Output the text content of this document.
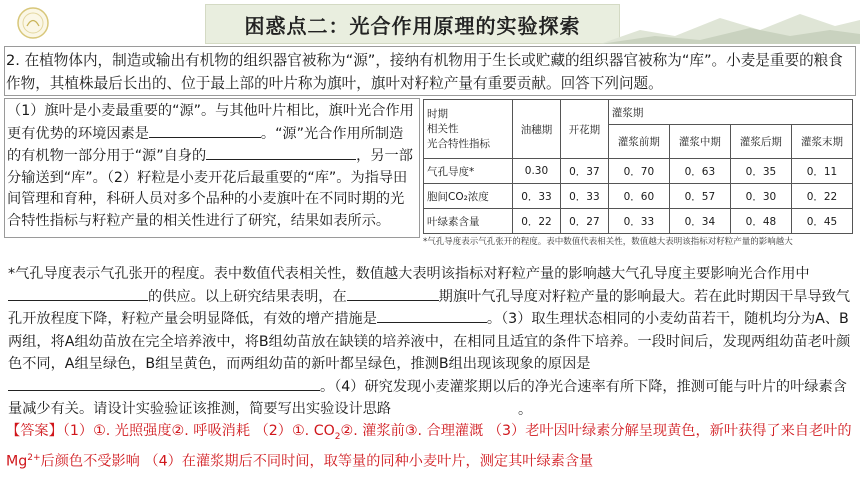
困惑点二：光合作用原理的实验探索
2. 在植物体内，制造或输出有机物的组织器官被称为“源”，接纳有机物用于生长或贮藏的组织器官被称为“库”。小麦是重要的粮食作物，其植株最后长出的、位于最上部的叶片称为旗叶，旗叶对籽粒产量有重要贡献。回答下列问题。
（1）旗叶是小麦最重要的“源”。与其他叶片相比，旗叶光合作用更有优势的环境因素是	。“源”光合作用所制造的有机物一部分用于“源”自身的	，另一部分输送到“库”。（2）籽粒是小麦开花后最重要的“库”。为指导田间管理和育种，科研人员对多个品种的小麦旗叶在不同时期的光合特性指标与籽粒产量的相关性进行了研究，结果如表所示。
时期
相关性
光合特性指标	油穗期	开花期	灌浆期			
			灌浆前期	灌浆中期	灌浆后期	灌浆末期
气孔导度*	0.30	0．37	0．70	0．63	0．35	0．11
胞间CO₂浓度	0．33	0．33	0．60	0．57	0．30	0．22
叶绿素含量	0．22	0．27	0．33	0．34	0．48	0．45
*气孔导度表示气孔张开的程度。表中数值代表相关性，数值越大表明该指标对籽粒产量的影响越大
*气孔导度表示气孔张开的程度。表中数值代表相关性，数值越大表明该指标对籽粒产量的影响越大气孔导度主要影响光合作用中的供应。以上研究结果表明，在	期旗叶气孔导度对籽粒产量的影响最大。若在此时期因干旱导致气孔开放程度下降，籽粒产量会明显降低，有效的增产措施是	。（3）取生理状态相同的小麦幼苗若干，随机均分为A、B两组，将A组幼苗放在完全培养液中，将B组幼苗放在缺镁的培养液中，在相同且适宜的条件下培养。一段时间后，发现两组幼苗老叶颜色不同，A组呈绿色，B组呈黄色，而两组幼苗的新叶都呈绿色，推测B组出现该现象的原因是。（4）研究发现小麦灌浆期以后的净光合速率有所下降，推测可能与叶片的叶绿素含量减少有关。请设计实验验证该推测，简要写出实验设计思路	。
【答案】（1）①. 光照强度②. 呼吸消耗 （2）①. $CO_2②$. 灌浆前③. 合理灌溉 （3）老叶因叶绿素分解呈现黄色，新叶获得了来自老叶的$Mg^{2+}$后颜色不受影响 （4）在灌浆期后不同时间，取等量的同种小麦叶片，测定其叶绿素含量
